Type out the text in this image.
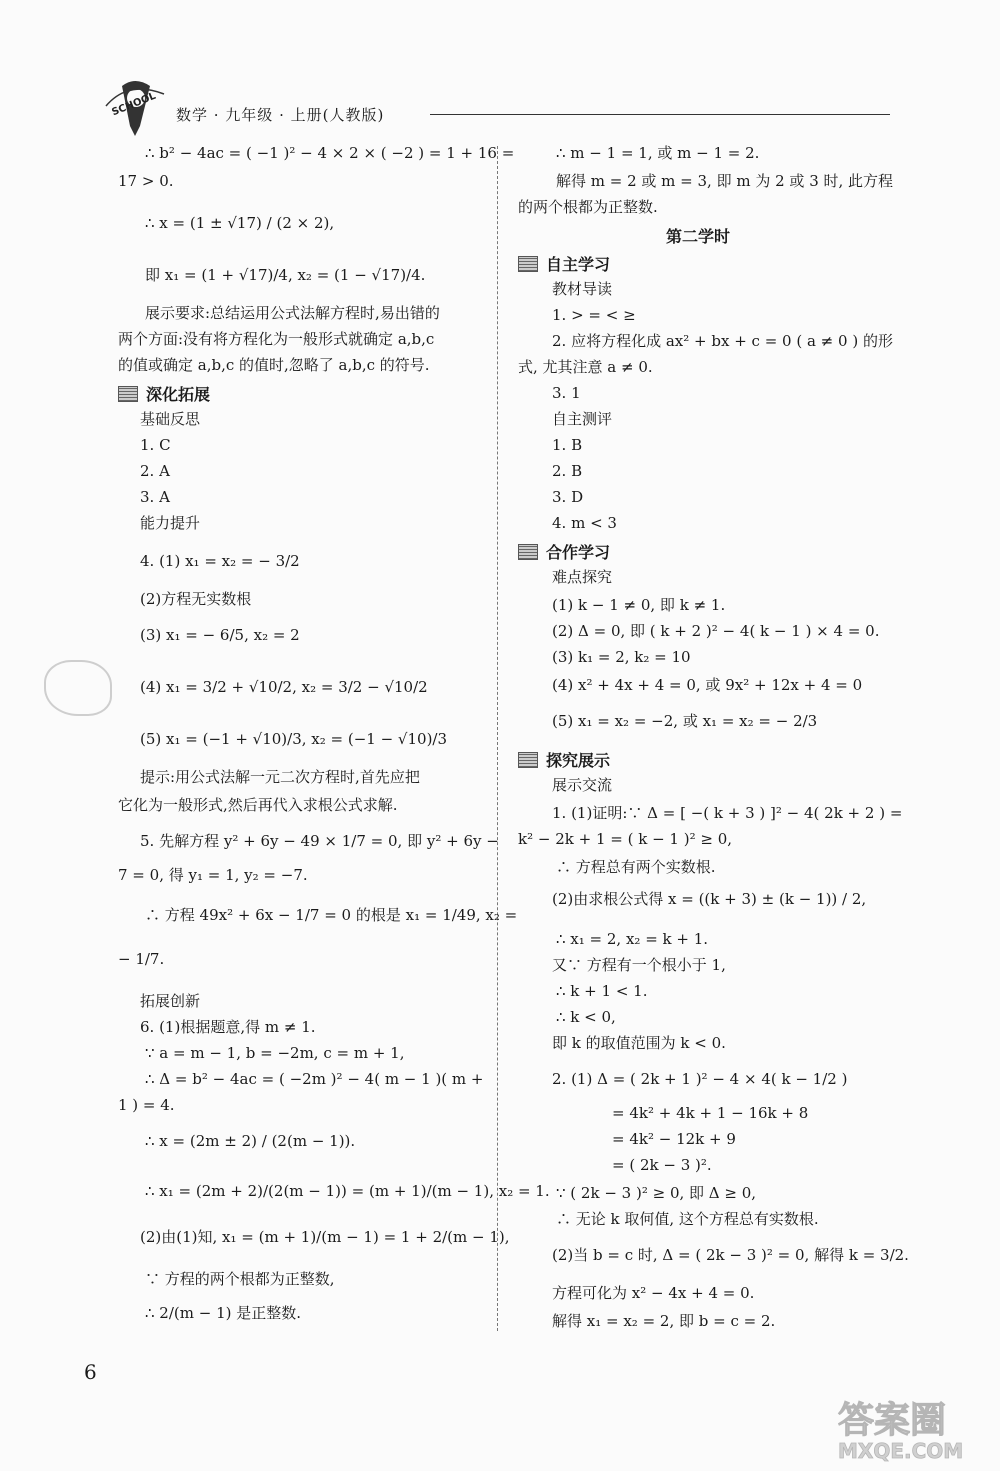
SCHOOL 数学 · 九年级 · 上册(人教版)
∴ b² − 4ac = ( −1 )² − 4 × 2 × ( −2 ) = 1 + 16 =
17 > 0.
∴ x = (1 ± √17) / (2 × 2),
即 x₁ = (1 + √17)/4, x₂ = (1 − √17)/4.
展示要求:总结运用公式法解方程时,易出错的
两个方面:没有将方程化为一般形式就确定 a,b,c
的值或确定 a,b,c 的值时,忽略了 a,b,c 的符号.
深化拓展
基础反思
1. C
2. A
3. A
能力提升
4. (1) x₁ = x₂ = − 3/2
(2)方程无实数根
(3) x₁ = − 6/5, x₂ = 2
(4) x₁ = 3/2 + √10/2, x₂ = 3/2 − √10/2
(5) x₁ = (−1 + √10)/3, x₂ = (−1 − √10)/3
提示:用公式法解一元二次方程时,首先应把
它化为一般形式,然后再代入求根公式求解.
5. 先解方程 y² + 6y − 49 × 1/7 = 0, 即 y² + 6y −
7 = 0, 得 y₁ = 1, y₂ = −7.
∴ 方程 49x² + 6x − 1/7 = 0 的根是 x₁ = 1/49, x₂ =
− 1/7.
拓展创新
6. (1)根据题意,得 m ≠ 1.
∵ a = m − 1, b = −2m, c = m + 1,
∴ Δ = b² − 4ac = ( −2m )² − 4( m − 1 )( m +
1 ) = 4.
∴ x = (2m ± 2) / (2(m − 1)).
∴ x₁ = (2m + 2)/(2(m − 1)) = (m + 1)/(m − 1), x₂ = 1.
(2)由(1)知, x₁ = (m + 1)/(m − 1) = 1 + 2/(m − 1),
∵ 方程的两个根都为正整数,
∴ 2/(m − 1) 是正整数.
∴ m − 1 = 1, 或 m − 1 = 2.
解得 m = 2 或 m = 3, 即 m 为 2 或 3 时, 此方程
的两个根都为正整数.
第二学时
自主学习
教材导读
1. > = < ≥
2. 应将方程化成 ax² + bx + c = 0 ( a ≠ 0 ) 的形
式, 尤其注意 a ≠ 0.
3. 1
自主测评
1. B
2. B
3. D
4. m < 3
合作学习
难点探究
(1) k − 1 ≠ 0, 即 k ≠ 1.
(2) Δ = 0, 即 ( k + 2 )² − 4( k − 1 ) × 4 = 0.
(3) k₁ = 2, k₂ = 10
(4) x² + 4x + 4 = 0, 或 9x² + 12x + 4 = 0
(5) x₁ = x₂ = −2, 或 x₁ = x₂ = − 2/3
探究展示
展示交流
1. (1)证明:∵ Δ = [ −( k + 3 ) ]² − 4( 2k + 2 ) =
k² − 2k + 1 = ( k − 1 )² ≥ 0,
∴ 方程总有两个实数根.
(2)由求根公式得 x = ((k + 3) ± (k − 1)) / 2,
∴ x₁ = 2, x₂ = k + 1.
又∵ 方程有一个根小于 1,
∴ k + 1 < 1.
∴ k < 0,
即 k 的取值范围为 k < 0.
2. (1) Δ = ( 2k + 1 )² − 4 × 4( k − 1/2 )
= 4k² + 4k + 1 − 16k + 8
= 4k² − 12k + 9
= ( 2k − 3 )².
∵ ( 2k − 3 )² ≥ 0, 即 Δ ≥ 0,
∴ 无论 k 取何值, 这个方程总有实数根.
(2)当 b = c 时, Δ = ( 2k − 3 )² = 0, 解得 k = 3/2.
方程可化为 x² − 4x + 4 = 0.
解得 x₁ = x₂ = 2, 即 b = c = 2.
6
答案圈
MXQE.COM
